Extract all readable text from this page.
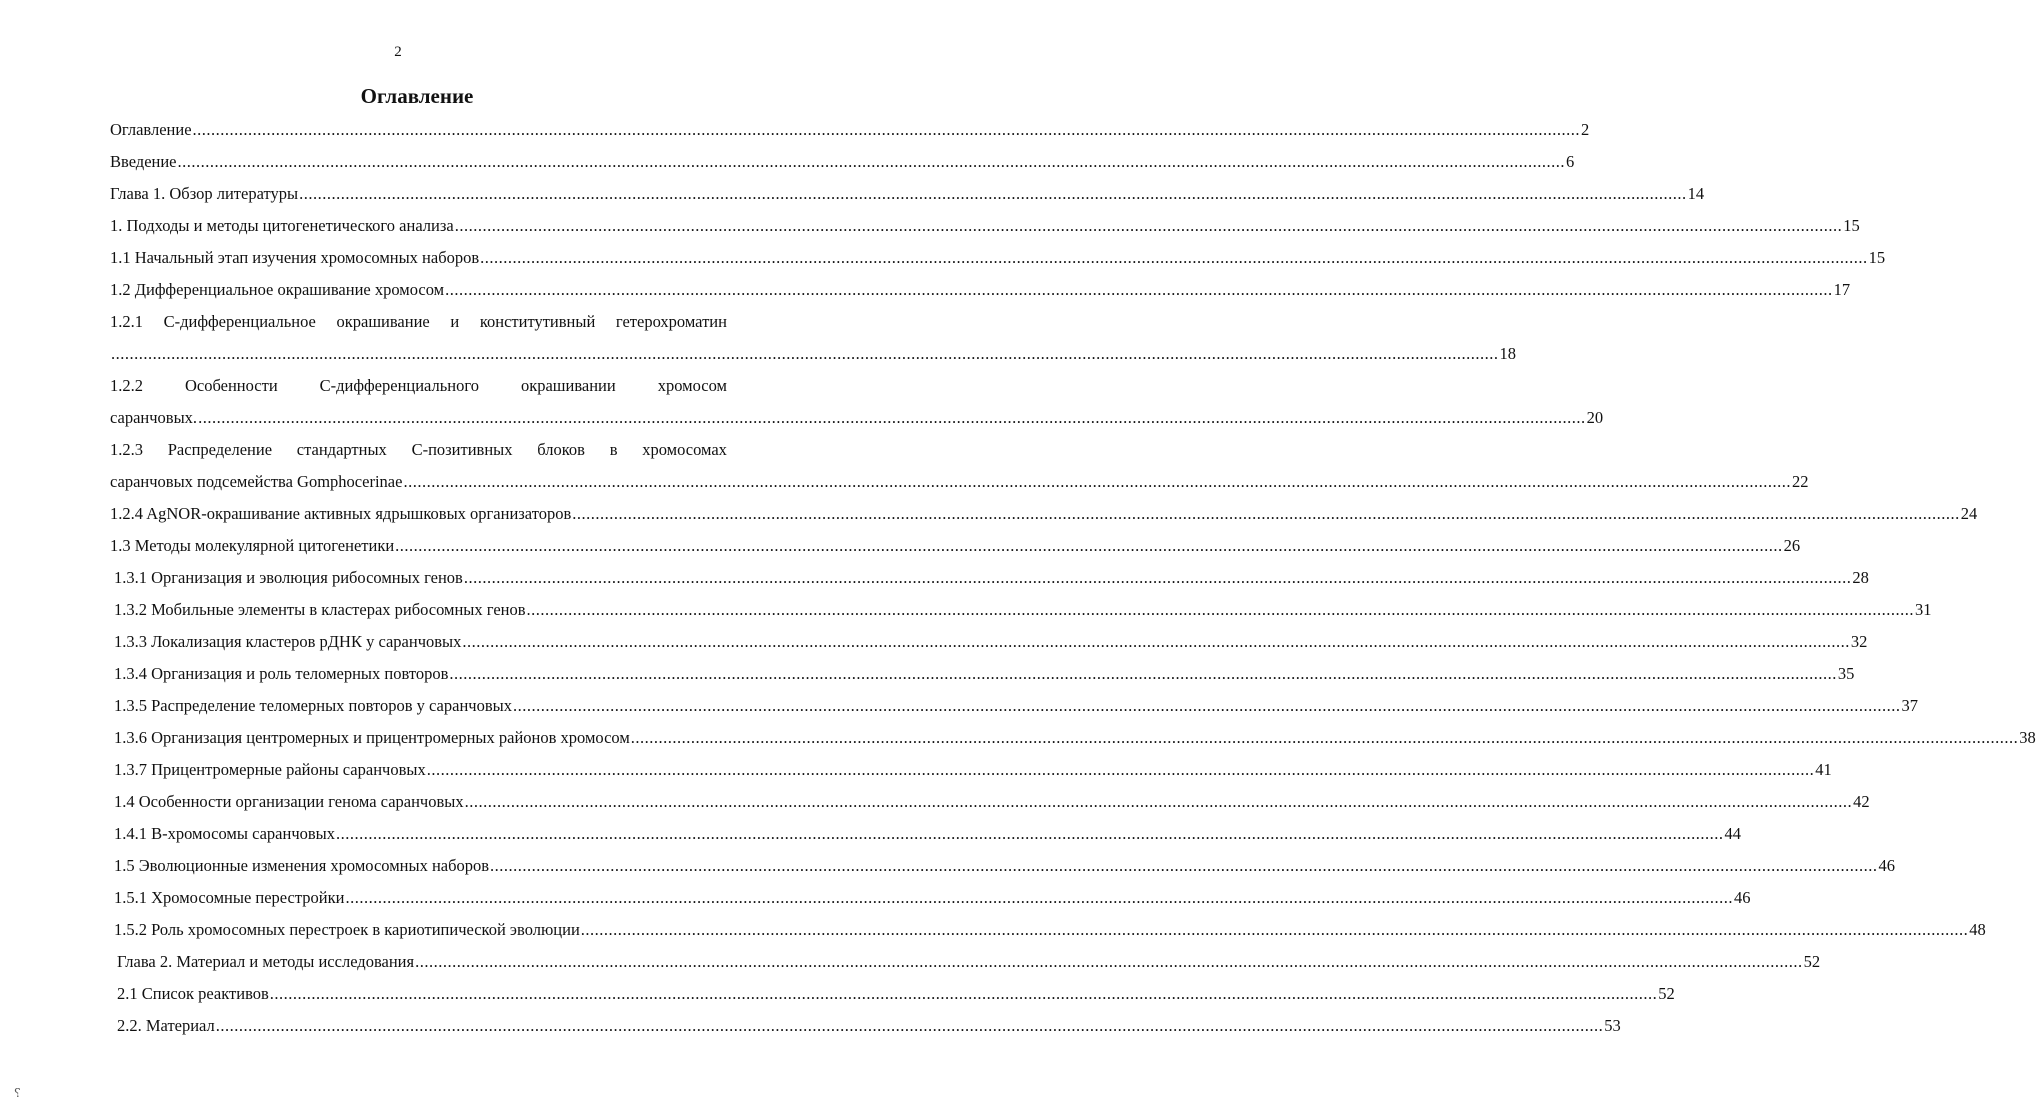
2
Оглавление
Оглавление ............................................................................................................................................................................................................................................................................................................ 2
Введение ............................................................................................................................................................................................................................................................................................................ 6
Глава 1. Обзор литературы ............................................................................................................................................................................................................................................................................................................ 14
1. Подходы и методы цитогенетического анализа ............................................................................................................................................................................................................................................................................................................ 15
1.1 Начальный этап изучения хромосомных наборов ............................................................................................................................................................................................................................................................................................................ 15
1.2 Дифференциальное окрашивание хромосом ............................................................................................................................................................................................................................................................................................................ 17
1.2.1 C-дифференциальное окрашивание и конститутивный гетерохроматин
............................................................................................................................................................................................................................................................................................................ 18
1.2.2	Особенности	C-дифференциального	окрашивании	хромосом
саранчовых. ............................................................................................................................................................................................................................................................................................................ 20
1.2.3 Распределение стандартных C-позитивных блоков в хромосомах
саранчовых подсемейства Gomphocerinae ............................................................................................................................................................................................................................................................................................................ 22
1.2.4 AgNOR-окрашивание активных ядрышковых организаторов ............................................................................................................................................................................................................................................................................................................ 24
1.3 Методы молекулярной цитогенетики ............................................................................................................................................................................................................................................................................................................ 26
1.3.1 Организация и эволюция рибосомных генов ............................................................................................................................................................................................................................................................................................................ 28
1.3.2 Мобильные элементы в кластерах рибосомных генов ............................................................................................................................................................................................................................................................................................................ 31
1.3.3 Локализация кластеров рДНК у саранчовых ............................................................................................................................................................................................................................................................................................................ 32
1.3.4 Организация и роль теломерных повторов ............................................................................................................................................................................................................................................................................................................ 35
1.3.5 Распределение теломерных повторов у саранчовых ............................................................................................................................................................................................................................................................................................................ 37
1.3.6 Организация центромерных и прицентромерных районов хромосом ............................................................................................................................................................................................................................................................................................................ 38
1.3.7 Прицентромерные районы саранчовых ............................................................................................................................................................................................................................................................................................................ 41
1.4 Особенности организации генома саранчовых ............................................................................................................................................................................................................................................................................................................ 42
1.4.1 B-хромосомы саранчовых ............................................................................................................................................................................................................................................................................................................ 44
1.5 Эволюционные изменения хромосомных наборов ............................................................................................................................................................................................................................................................................................................ 46
1.5.1 Хромосомные перестройки ............................................................................................................................................................................................................................................................................................................ 46
1.5.2 Роль хромосомных перестроек в кариотипической эволюции ............................................................................................................................................................................................................................................................................................................ 48
Глава 2. Материал и методы исследования ............................................................................................................................................................................................................................................................................................................ 52
2.1 Список реактивов ............................................................................................................................................................................................................................................................................................................ 52
2.2. Материал ............................................................................................................................................................................................................................................................................................................ 53
⸮
